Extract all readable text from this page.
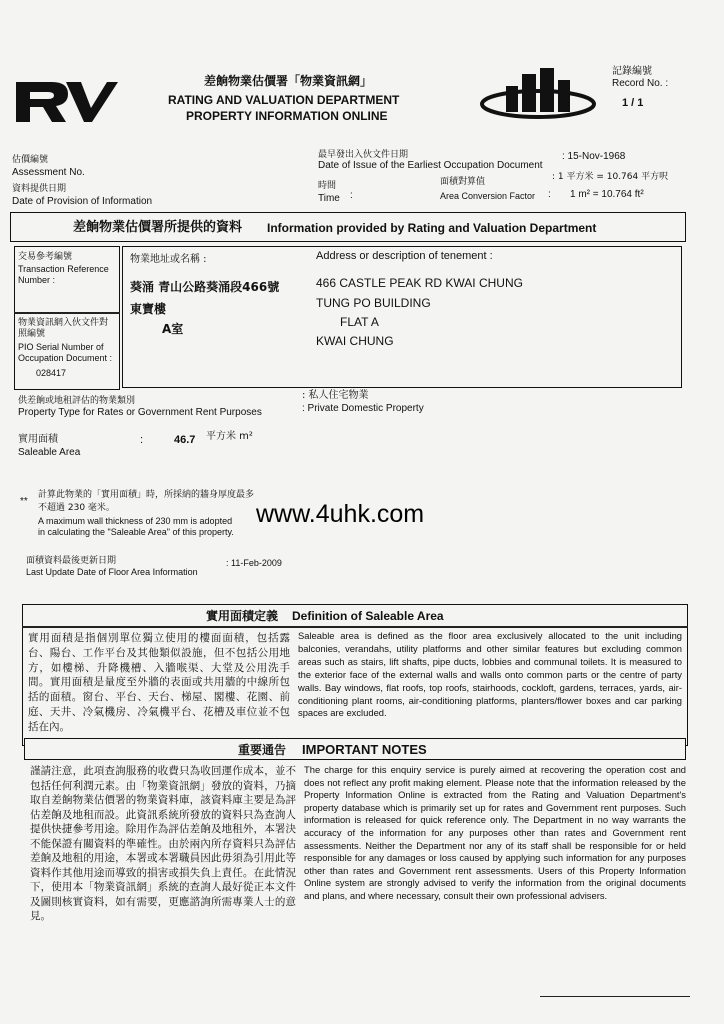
差餉物業估價署「物業資訊網」
RATING AND VALUATION DEPARTMENT
PROPERTY INFORMATION ONLINE
記錄編號
Record No. :
1 / 1
估價編號
Assessment No.
資料提供日期
Date of Provision of Information
最早發出入伙文件日期
Date of Issue of the Earliest Occupation Document
: 15-Nov-1968
時間
Time :
面積對算值
Area Conversion Factor :
: 1 平方米 = 10.764 平方呎
1 m² = 10.764 ft²
差餉物業估價署所提供的資料 Information provided by Rating and Valuation Department
交易參考編號
Transaction Reference Number :
物業資訊網入伙文件對照編號
PIO Serial Number of Occupation Document :
028417
物業地址或名稱 :	Address or description of tenement :
葵涌 青山公路葵涌段466號
東寶樓
A室
466 CASTLE PEAK RD KWAI CHUNG
TUNG PO BUILDING
FLAT A
KWAI CHUNG
供差餉或地租評估的物業類別
Property Type for Rates or Government Rent Purposes
: 私人住宅物業
: Private Domestic Property
實用面積
Saleable Area
:	46.7 平方米 m²
**
計算此物業的「實用面積」時，所採納的牆身厚度最多
不超過 230 毫米。
A maximum wall thickness of 230 mm is adopted
in calculating the "Saleable Area" of this property.
www.4uhk.com
面積資料最後更新日期
Last Update Date of Floor Area Information
: 11-Feb-2009
實用面積定義 Definition of Saleable Area
實用面積是指個別單位獨立使用的樓面面積，包括露台、陽台、工作平台及其他類似設施，但不包括公用地方，如樓梯、升降機槽、入牆喉渠、大堂及公用洗手間。實用面積是量度至外牆的表面或共用牆的中線所包括的面積。窗台、平台、天台、梯屋、閣樓、花園、前庭、天井、冷氣機房、冷氣機平台、花槽及車位並不包括在內。
Saleable area is defined as the floor area exclusively allocated to the unit including balconies, verandahs, utility platforms and other similar features but excluding common areas such as stairs, lift shafts, pipe ducts, lobbies and communal toilets. It is measured to the exterior face of the external walls and walls onto common parts or the centre of party walls. Bay windows, flat roofs, top roofs, stairhoods, cockloft, gardens, terraces, yards, air-conditioning plant rooms, air-conditioning platforms, planters/flower boxes and car parking spaces are excluded.
重要通告 IMPORTANT NOTES
謹請注意，此項查詢服務的收費只為收回運作成本，並不包括任何利潤元素。由「物業資訊網」發放的資料，乃摘取自差餉物業估價署的物業資料庫，該資料庫主要是為評估差餉及地租而設。此資訊系統所發放的資料只為查詢人提供快捷參考用途。除用作為評估差餉及地租外，本署決不能保證有關資料的準確性。由於兩內所存資料只為評估差餉及地租的用途，本署或本署職員因此毋須為引用此等資料作其他用途而導致的損害或損失負上責任。在此情況下，使用本「物業資訊網」系統的查詢人最好從正本文件及圖則核實資料，如有需要，更應諮詢所需專業人士的意見。
The charge for this enquiry service is purely aimed at recovering the operation cost and does not reflect any profit making element. Please note that the information released by the Property Information Online is extracted from the Rating and Valuation Department's property database which is primarily set up for rates and Government rent purposes. Such information is released for quick reference only. The Department in no way warrants the accuracy of the information for any purposes other than rates and Government rent assessments. Neither the Department nor any of its staff shall be responsible for or held responsible for any damages or loss caused by applying such information for any purposes other than rates and Government rent assessments. Users of this Property Information Online system are strongly advised to verify the information from the original documents and plans, and where necessary, consult their own professional advisers.
